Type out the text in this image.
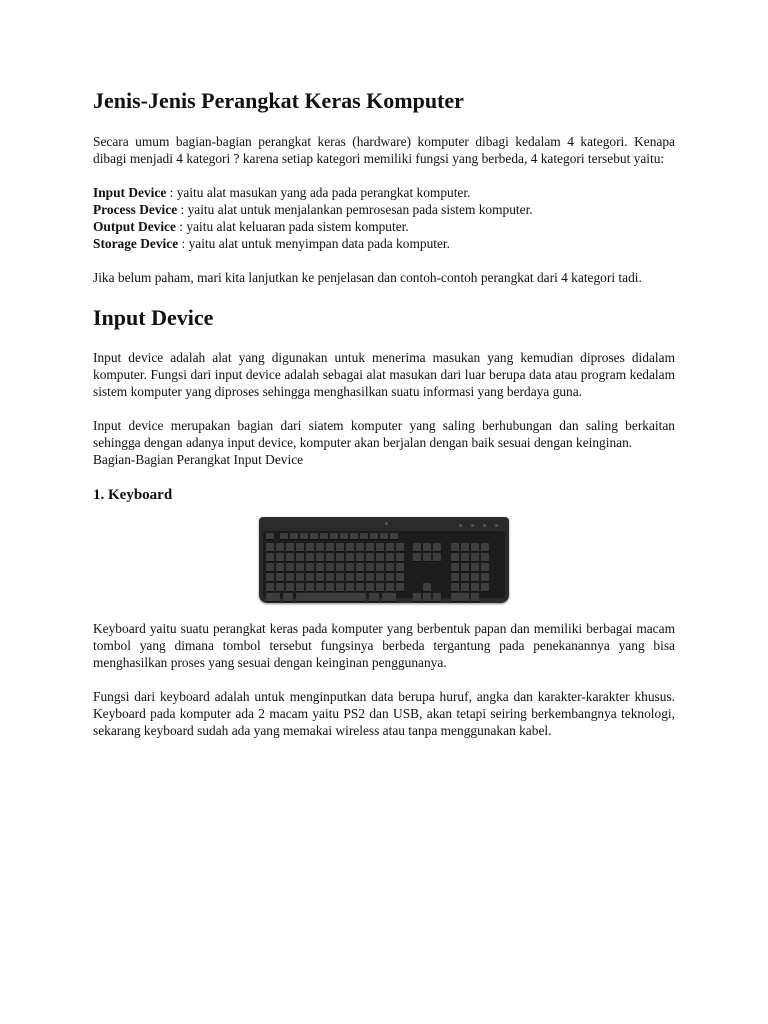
Jenis-Jenis Perangkat Keras Komputer

Secara umum bagian-bagian perangkat keras (hardware) komputer dibagi kedalam 4 kategori. Kenapa dibagi menjadi 4 kategori ? karena setiap kategori memiliki fungsi yang berbeda, 4 kategori tersebut yaitu:

Input Device : yaitu alat masukan yang ada pada perangkat komputer.
Process Device : yaitu alat untuk menjalankan pemrosesan pada sistem komputer.
Output Device : yaitu alat keluaran pada sistem komputer.
Storage Device : yaitu alat untuk menyimpan data pada komputer.

Jika belum paham, mari kita lanjutkan ke penjelasan dan contoh-contoh perangkat dari 4 kategori tadi.

Input Device

Input device adalah alat yang digunakan untuk menerima masukan yang kemudian diproses didalam komputer. Fungsi dari input device adalah sebagai alat masukan dari luar berupa data atau program kedalam sistem komputer yang diproses sehingga menghasilkan suatu informasi yang berdaya guna.

Input device merupakan bagian dari siatem komputer yang saling berhubungan dan saling berkaitan sehingga dengan adanya input device, komputer akan berjalan dengan baik sesuai dengan keinginan.

Bagian-Bagian Perangkat Input Device

1. Keyboard

Keyboard yaitu suatu perangkat keras pada komputer yang berbentuk papan dan memiliki berbagai macam tombol yang dimana tombol tersebut fungsinya berbeda tergantung pada penekanannya yang bisa menghasilkan proses yang sesuai dengan keinginan penggunanya.

Fungsi dari keyboard adalah untuk menginputkan data berupa huruf, angka dan karakter-karakter khusus. Keyboard pada komputer ada 2 macam yaitu PS2 dan USB, akan tetapi seiring berkembangnya teknologi, sekarang keyboard sudah ada yang memakai wireless atau tanpa menggunakan kabel.
